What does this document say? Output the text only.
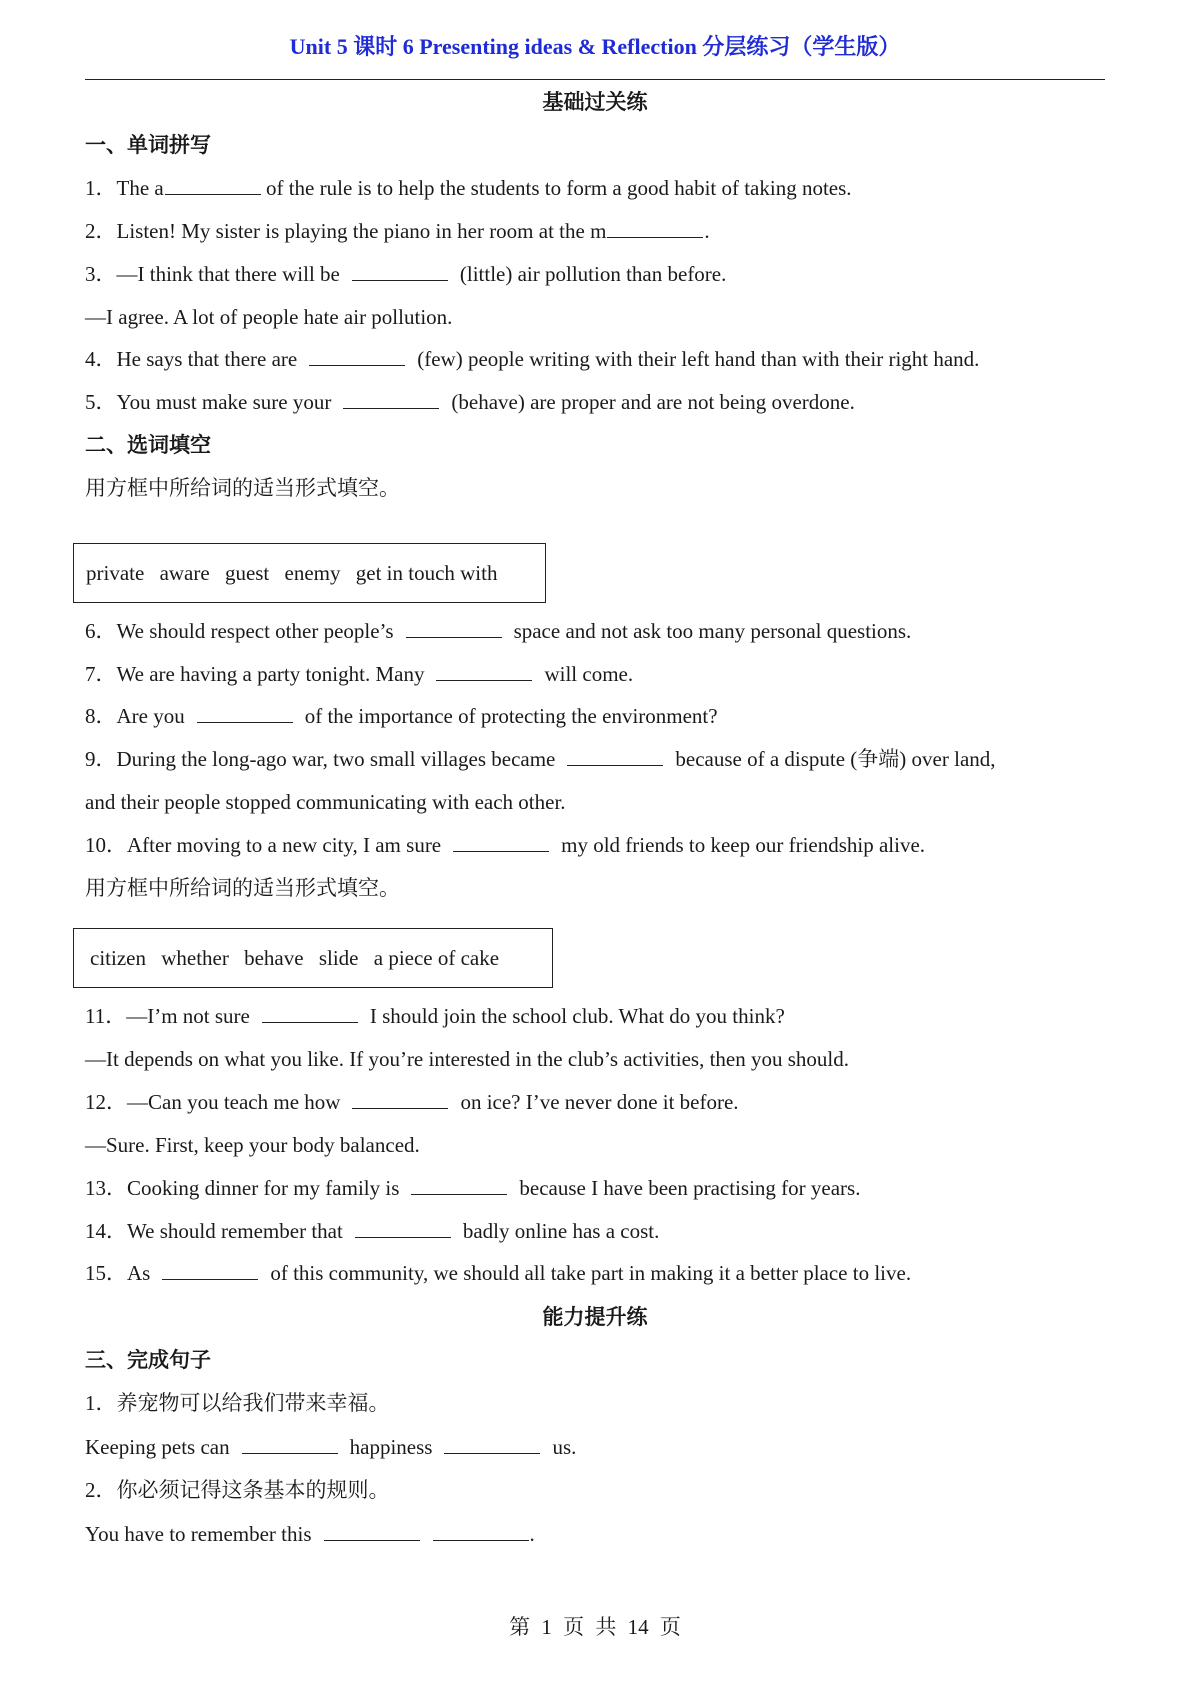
Unit 5 课时 6 Presenting ideas & Reflection 分层练习（学生版）
基础过关练
一、单词拼写
1．The a	of the rule is to help the students to form a good habit of taking notes.
2．Listen! My sister is playing the piano in her room at the m	.
3．—I think that there will be	(little) air pollution than before.
—I agree. A lot of people hate air pollution.
4．He says that there are	(few) people writing with their left hand than with their right hand.
5．You must make sure your	(behave) are proper and are not being overdone.
二、选词填空
用方框中所给词的适当形式填空。
private aware guest enemy get in touch with
6．We should respect other people’s	space and not ask too many personal questions.
7．We are having a party tonight. Many	will come.
8．Are you	of the importance of protecting the environment?
9．During the long-ago war, two small villages became	because of a dispute (争端) over land,
and their people stopped communicating with each other.
10．After moving to a new city, I am sure	my old friends to keep our friendship alive.
用方框中所给词的适当形式填空。
citizen whether behave slide a piece of cake
11．—I’m not sure	I should join the school club. What do you think?
—It depends on what you like. If you’re interested in the club’s activities, then you should.
12．—Can you teach me how	on ice? I’ve never done it before.
—Sure. First, keep your body balanced.
13．Cooking dinner for my family is	because I have been practising for years.
14．We should remember that	badly online has a cost.
15．As	of this community, we should all take part in making it a better place to live.
能力提升练
三、完成句子
1．养宠物可以给我们带来幸福。
Keeping pets can	happiness	us.
2．你必须记得这条基本的规则。
You have to remember this	.
第 1 页 共 14 页
